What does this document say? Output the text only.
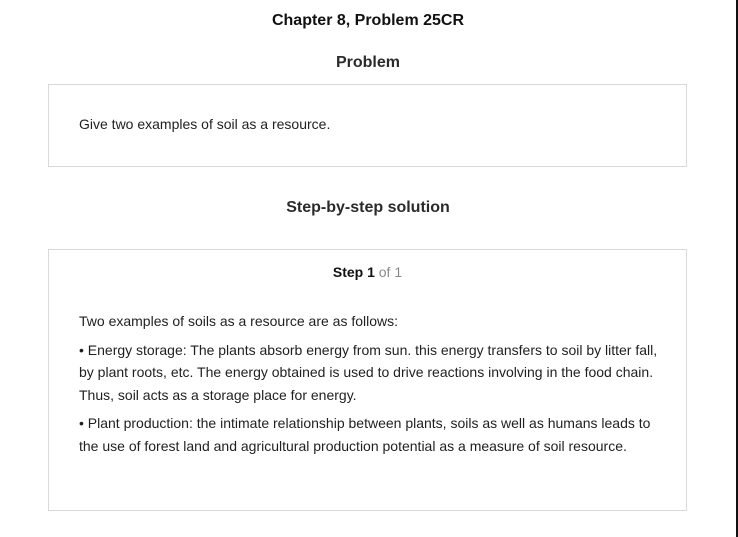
Chapter 8, Problem 25CR
Problem
Give two examples of soil as a resource.
Step-by-step solution
Step 1 of 1

Two examples of soils as a resource are as follows:

• Energy storage: The plants absorb energy from sun. this energy transfers to soil by litter fall, by plant roots, etc. The energy obtained is used to drive reactions involving in the food chain. Thus, soil acts as a storage place for energy.

• Plant production: the intimate relationship between plants, soils as well as humans leads to the use of forest land and agricultural production potential as a measure of soil resource.
